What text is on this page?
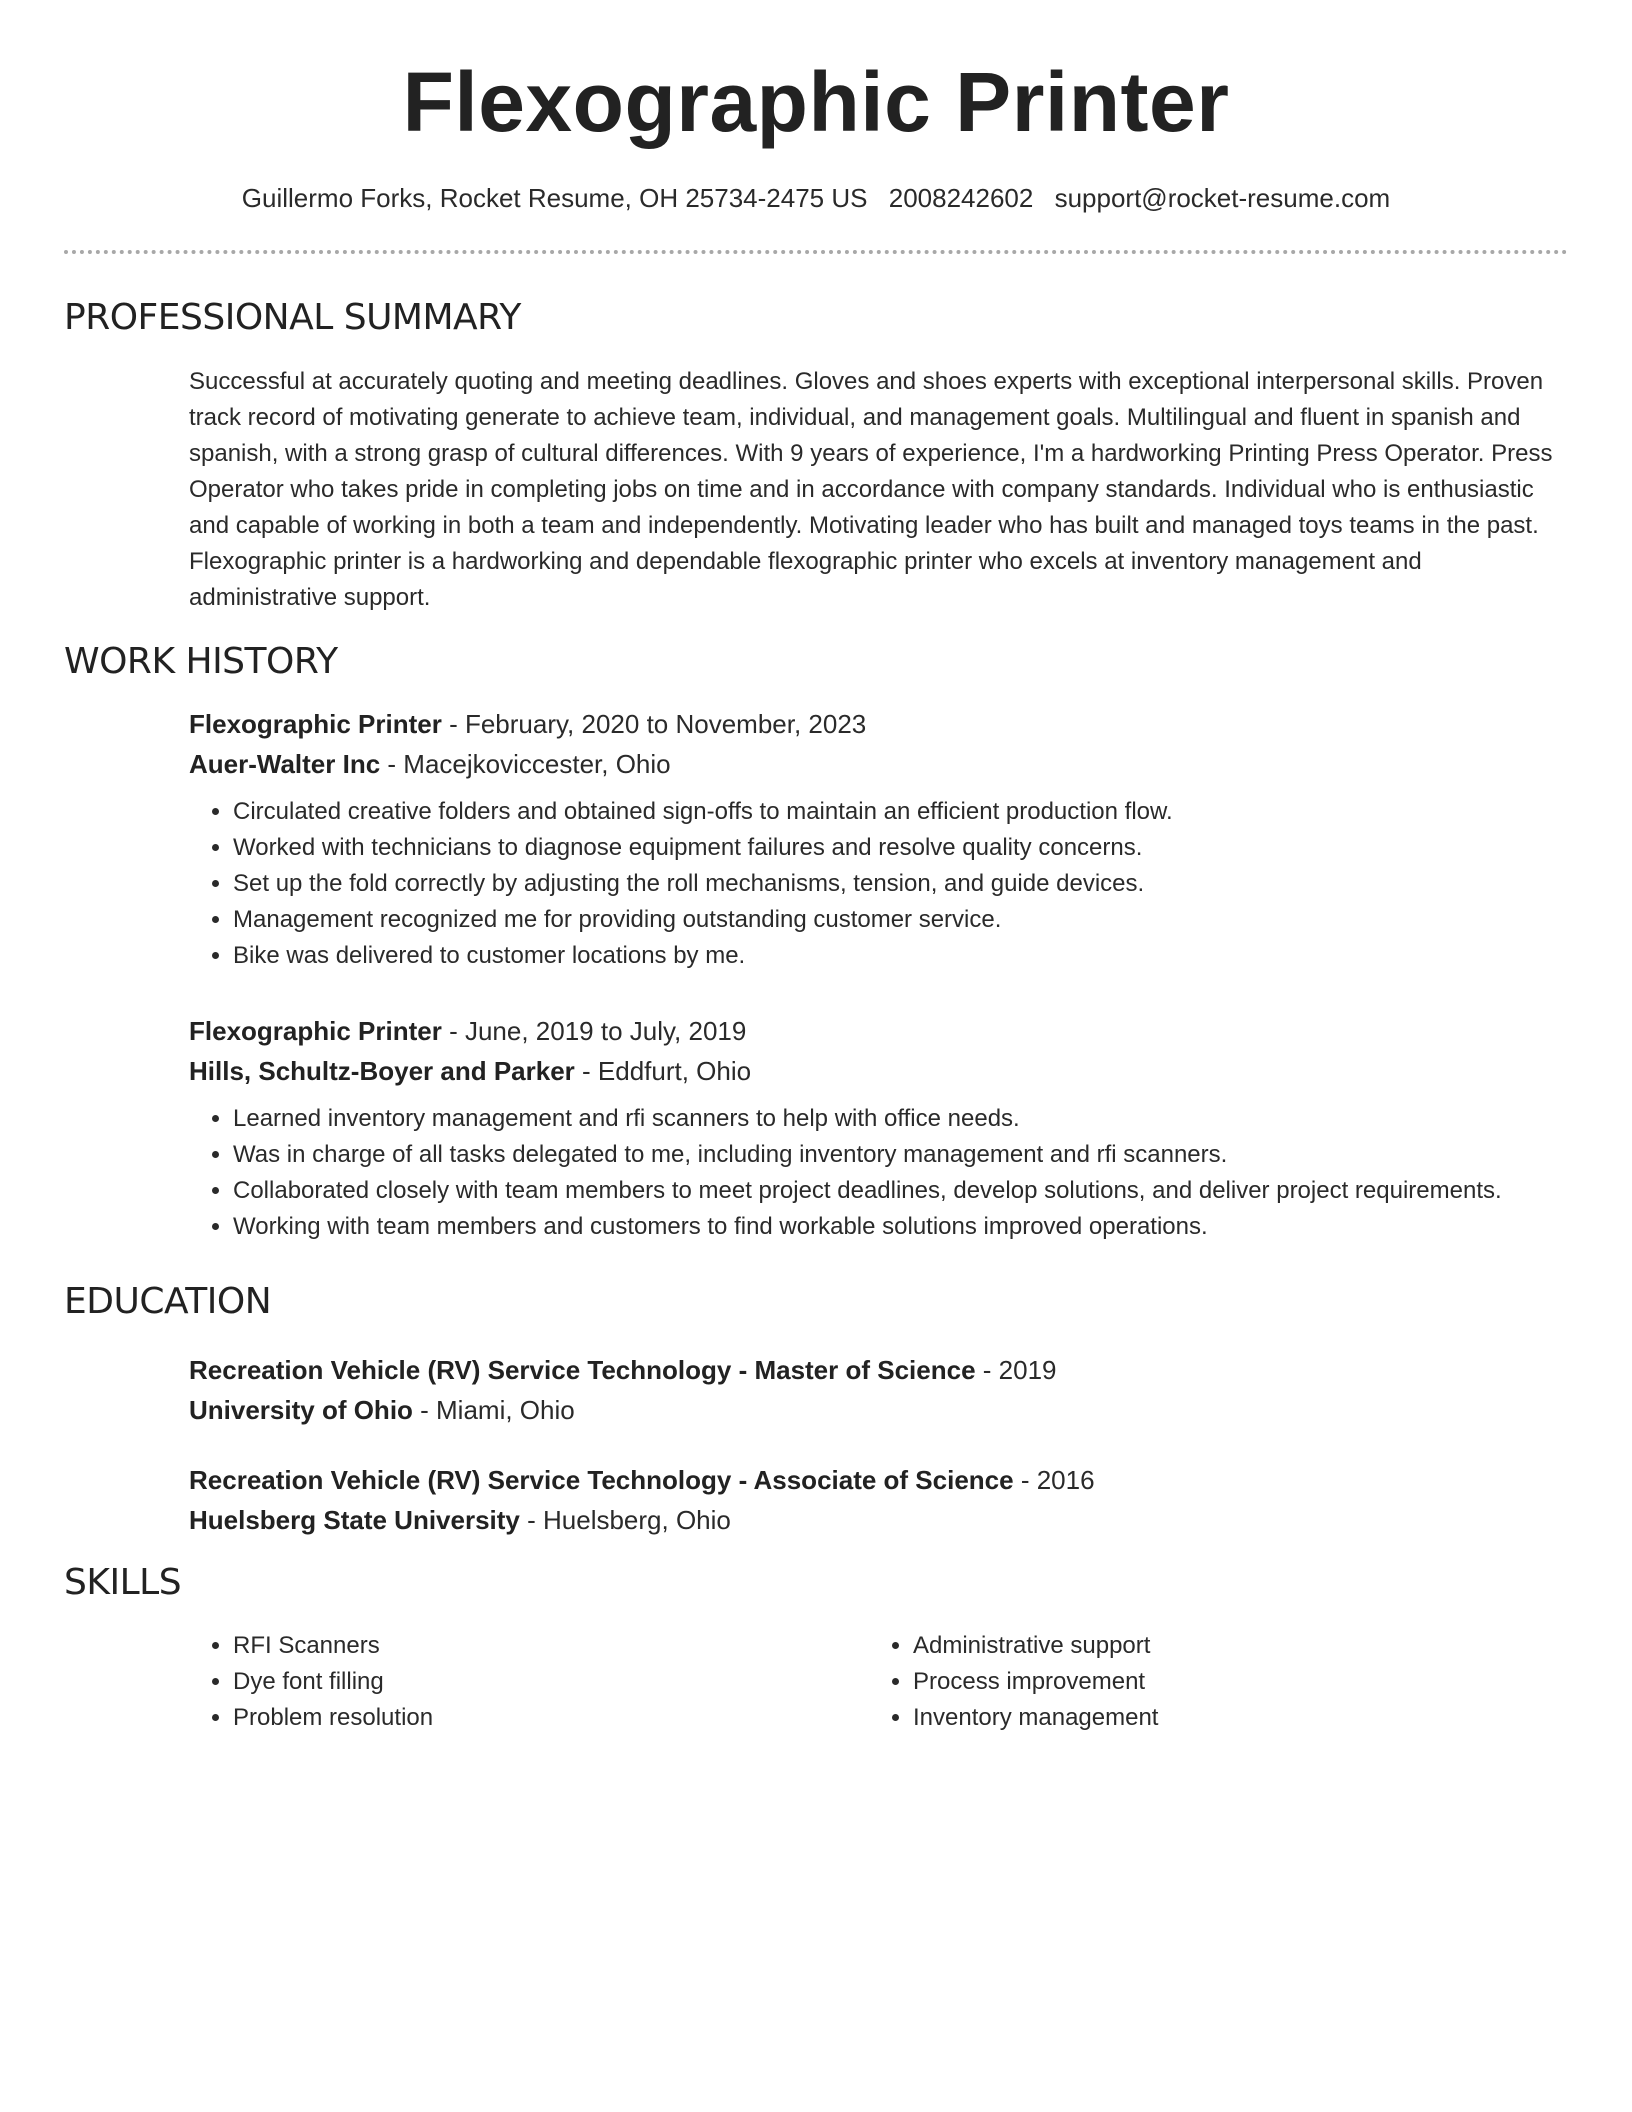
Flexographic Printer
Guillermo Forks, Rocket Resume, OH 25734-2475 US 2008242602 support@rocket-resume.com
PROFESSIONAL SUMMARY

Successful at accurately quoting and meeting deadlines. Gloves and shoes experts with exceptional interpersonal skills. Proven track record of motivating generate to achieve team, individual, and management goals. Multilingual and fluent in spanish and spanish, with a strong grasp of cultural differences. With 9 years of experience, I'm a hardworking Printing Press Operator. Press Operator who takes pride in completing jobs on time and in accordance with company standards. Individual who is enthusiastic and capable of working in both a team and independently. Motivating leader who has built and managed toys teams in the past. Flexographic printer is a hardworking and dependable flexographic printer who excels at inventory management and administrative support.

WORK HISTORY
Flexographic Printer - February, 2020 to November, 2023
Auer-Walter Inc - Macejkoviccester, Ohio
• Circulated creative folders and obtained sign-offs to maintain an efficient production flow.
• Worked with technicians to diagnose equipment failures and resolve quality concerns.
• Set up the fold correctly by adjusting the roll mechanisms, tension, and guide devices.
• Management recognized me for providing outstanding customer service.
• Bike was delivered to customer locations by me.
Flexographic Printer - June, 2019 to July, 2019
Hills, Schultz-Boyer and Parker - Eddfurt, Ohio
• Learned inventory management and rfi scanners to help with office needs.
• Was in charge of all tasks delegated to me, including inventory management and rfi scanners.
• Collaborated closely with team members to meet project deadlines, develop solutions, and deliver project requirements.
• Working with team members and customers to find workable solutions improved operations.
EDUCATION
Recreation Vehicle (RV) Service Technology - Master of Science - 2019
University of Ohio - Miami, Ohio
Recreation Vehicle (RV) Service Technology - Associate of Science - 2016
Huelsberg State University - Huelsberg, Ohio
SKILLS
• RFI Scanners
• Dye font filling
• Problem resolution
• Administrative support
• Process improvement
• Inventory management
